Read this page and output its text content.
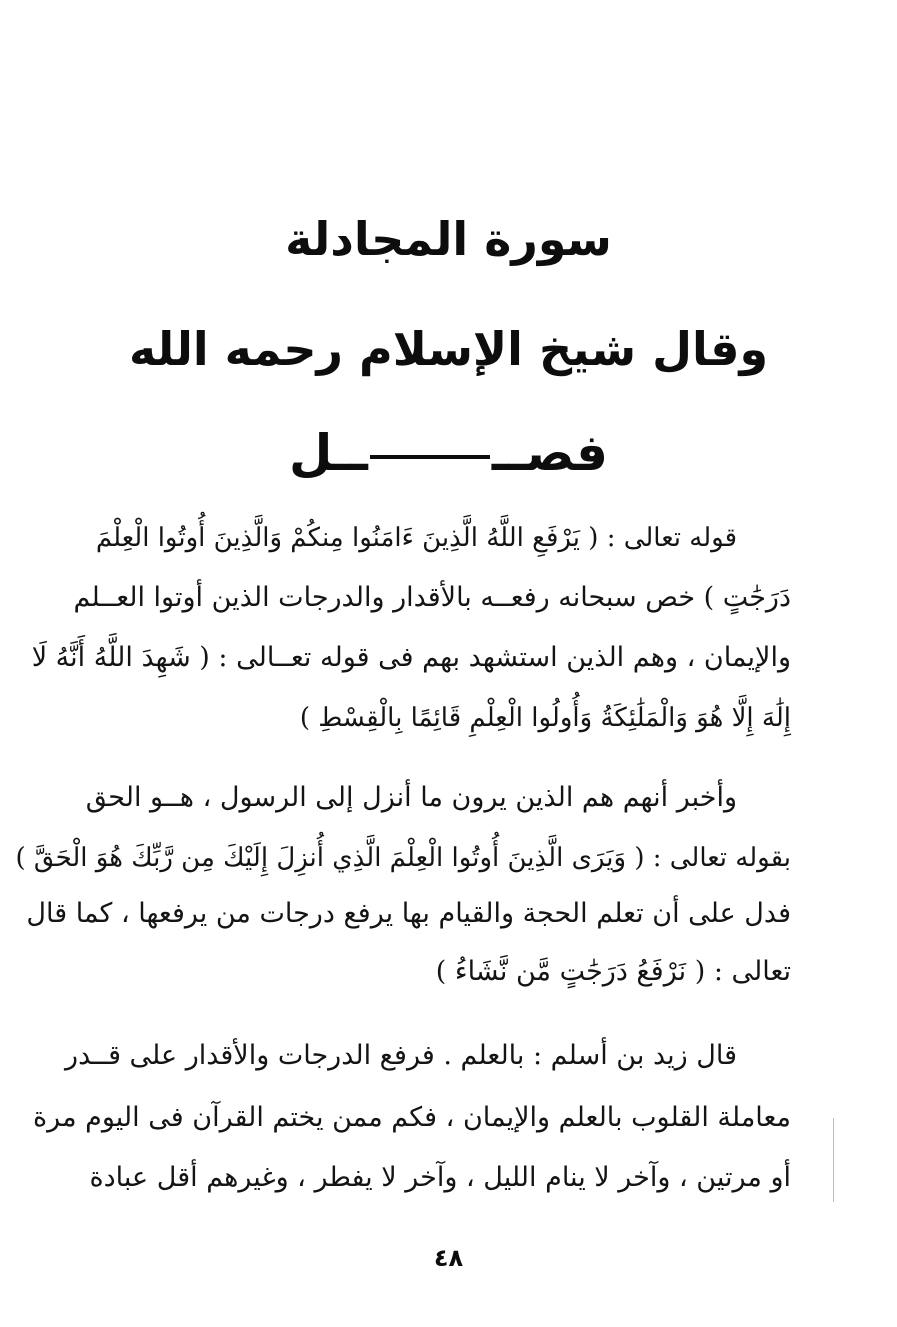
سورة المجادلة
وقال شيخ الإسلام رحمه الله
فصــــل
قوله تعالى : ( يَرْفَعِ اللَّهُ الَّذِينَ ءَامَنُوا مِنكُمْ وَالَّذِينَ أُوتُوا الْعِلْمَ
دَرَجَٰتٍ ) خص سبحانه رفعــه بالأقدار والدرجات الذين أوتوا العــلم
والإيمان ، وهم الذين استشهد بهم فى قوله تعــالى : ( شَهِدَ اللَّهُ أَنَّهُ لَا
إِلَٰهَ إِلَّا هُوَ وَالْمَلَٰئِكَةُ وَأُولُوا الْعِلْمِ قَائِمًا بِالْقِسْطِ )
وأخبر أنهم هم الذين يرون ما أنزل إلى الرسول ، هــو الحق
بقوله تعالى : ( وَيَرَى الَّذِينَ أُوتُوا الْعِلْمَ الَّذِي أُنزِلَ إِلَيْكَ مِن رَّبِّكَ هُوَ الْحَقَّ )
فدل على أن تعلم الحجة والقيام بها يرفع درجات من يرفعها ، كما قال
تعالى : ( نَرْفَعُ دَرَجَٰتٍ مَّن نَّشَاءُ )
قال زيد بن أسلم : بالعلم . فرفع الدرجات والأقدار على قــدر
معاملة القلوب بالعلم والإيمان ، فكم ممن يختم القرآن فى اليوم مرة
أو مرتين ، وآخر لا ينام الليل ، وآخر لا يفطر ، وغيرهم أقل عبادة
٤٨
